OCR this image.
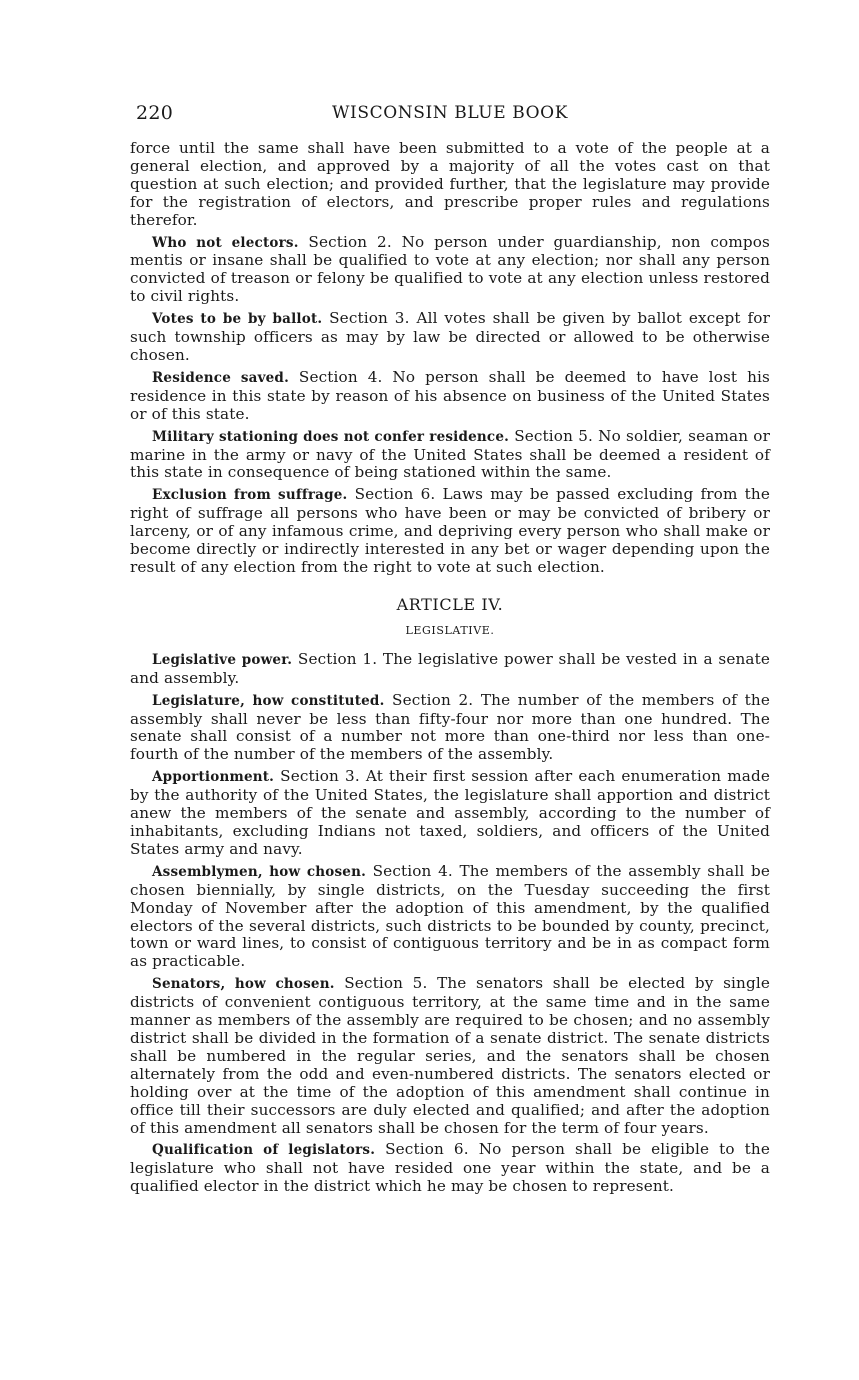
220	WISCONSIN BLUE BOOK

force until the same shall have been submitted to a vote of the people at a general election, and approved by a majority of all the votes cast on that question at such election; and provided further, that the legislature may provide for the registration of electors, and prescribe proper rules and regulations therefor.

Who not electors. Section 2. No person under guardianship, non compos mentis or insane shall be qualified to vote at any election; nor shall any person convicted of treason or felony be qualified to vote at any election unless restored to civil rights.

Votes to be by ballot. Section 3. All votes shall be given by ballot except for such township officers as may by law be directed or allowed to be otherwise chosen.

Residence saved. Section 4. No person shall be deemed to have lost his residence in this state by reason of his absence on business of the United States or of this state.

Military stationing does not confer residence. Section 5. No soldier, seaman or marine in the army or navy of the United States shall be deemed a resident of this state in consequence of being stationed within the same.

Exclusion from suffrage. Section 6. Laws may be passed excluding from the right of suffrage all persons who have been or may be convicted of bribery or larceny, or of any infamous crime, and depriving every person who shall make or become directly or indirectly interested in any bet or wager depending upon the result of any election from the right to vote at such election.

ARTICLE IV.
LEGISLATIVE.

Legislative power. Section 1. The legislative power shall be vested in a senate and assembly.

Legislature, how constituted. Section 2. The number of the members of the assembly shall never be less than fifty-four nor more than one hundred. The senate shall consist of a number not more than one-third nor less than one-fourth of the number of the members of the assembly.

Apportionment. Section 3. At their first session after each enumeration made by the authority of the United States, the legislature shall apportion and district anew the members of the senate and assembly, according to the number of inhabitants, excluding Indians not taxed, soldiers, and officers of the United States army and navy.

Assemblymen, how chosen. Section 4. The members of the assembly shall be chosen biennially, by single districts, on the Tuesday succeeding the first Monday of November after the adoption of this amendment, by the qualified electors of the several districts, such districts to be bounded by county, precinct, town or ward lines, to consist of contiguous territory and be in as compact form as practicable.

Senators, how chosen. Section 5. The senators shall be elected by single districts of convenient contiguous territory, at the same time and in the same manner as members of the assembly are required to be chosen; and no assembly district shall be divided in the formation of a senate district. The senate districts shall be numbered in the regular series, and the senators shall be chosen alternately from the odd and even-numbered districts. The senators elected or holding over at the time of the adoption of this amendment shall continue in office till their successors are duly elected and qualified; and after the adoption of this amendment all senators shall be chosen for the term of four years.

Qualification of legislators. Section 6. No person shall be eligible to the legislature who shall not have resided one year within the state, and be a qualified elector in the district which he may be chosen to represent.
